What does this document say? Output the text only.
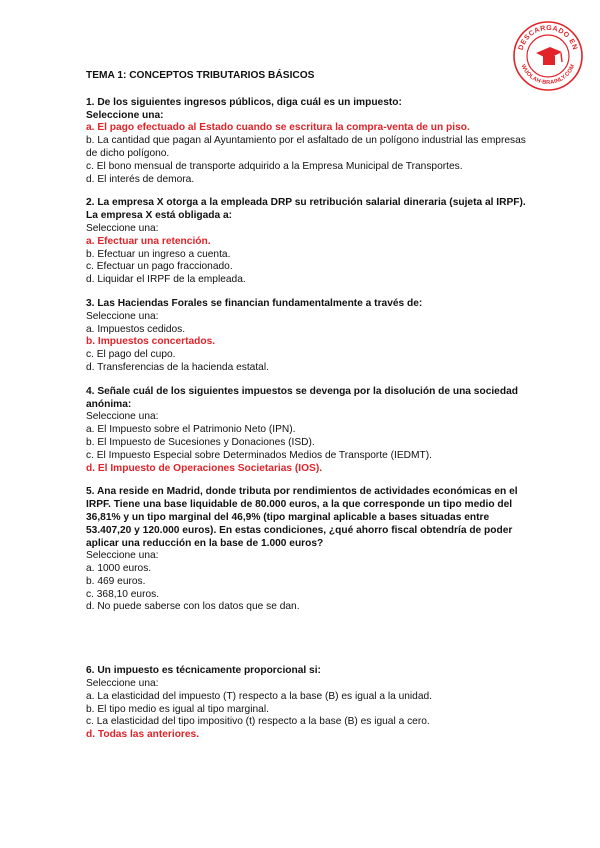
DESCARGADO EN
WUOLAH·BRAINLY.COM
TEMA 1: CONCEPTOS TRIBUTARIOS BÁSICOS
1. De los siguientes ingresos públicos, diga cuál es un impuesto:
Seleccione una:
a. El pago efectuado al Estado cuando se escritura la compra-venta de un piso.
b. La cantidad que pagan al Ayuntamiento por el asfaltado de un polígono industrial las empresas de dicho polígono.
c. El bono mensual de transporte adquirido a la Empresa Municipal de Transportes.
d. El interés de demora.
2. La empresa X otorga a la empleada DRP su retribución salarial dineraria (sujeta al IRPF). La empresa X está obligada a:
Seleccione una:
a. Efectuar una retención.
b. Efectuar un ingreso a cuenta.
c. Efectuar un pago fraccionado.
d. Liquidar el IRPF de la empleada.
3. Las Haciendas Forales se financian fundamentalmente a través de:
Seleccione una:
a. Impuestos cedidos.
b. Impuestos concertados.
c. El pago del cupo.
d. Transferencias de la hacienda estatal.
4. Señale cuál de los siguientes impuestos se devenga por la disolución de una sociedad anónima:
Seleccione una:
a. El Impuesto sobre el Patrimonio Neto (IPN).
b. El Impuesto de Sucesiones y Donaciones (ISD).
c. El Impuesto Especial sobre Determinados Medios de Transporte (IEDMT).
d. El Impuesto de Operaciones Societarias (IOS).
5. Ana reside en Madrid, donde tributa por rendimientos de actividades económicas en el IRPF. Tiene una base liquidable de 80.000 euros, a la que corresponde un tipo medio del 36,81% y un tipo marginal del 46,9% (tipo marginal aplicable a bases situadas entre 53.407,20 y 120.000 euros). En estas condiciones, ¿qué ahorro fiscal obtendría de poder aplicar una reducción en la base de 1.000 euros?
Seleccione una:
a. 1000 euros.
b. 469 euros.
c. 368,10 euros.
d. No puede saberse con los datos que se dan.
6. Un impuesto es técnicamente proporcional si:
Seleccione una:
a. La elasticidad del impuesto (T) respecto a la base (B) es igual a la unidad.
b. El tipo medio es igual al tipo marginal.
c. La elasticidad del tipo impositivo (t) respecto a la base (B) es igual a cero.
d. Todas las anteriores.
